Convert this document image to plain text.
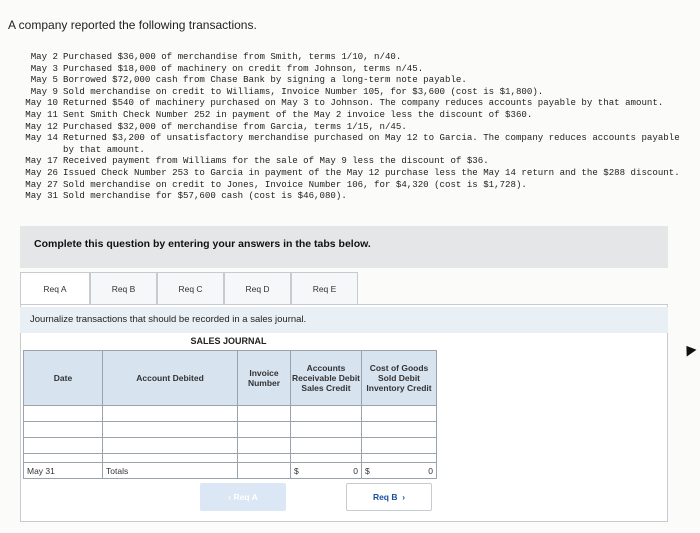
A company reported the following transactions.
May 2 Purchased $36,000 of merchandise from Smith, terms 1/10, n/40.
May 3 Purchased $18,000 of machinery on credit from Johnson, terms n/45.
May 5 Borrowed $72,000 cash from Chase Bank by signing a long-term note payable.
May 9 Sold merchandise on credit to Williams, Invoice Number 105, for $3,600 (cost is $1,800).
May 10 Returned $540 of machinery purchased on May 3 to Johnson. The company reduces accounts payable by that amount.
May 11 Sent Smith Check Number 252 in payment of the May 2 invoice less the discount of $360.
May 12 Purchased $32,000 of merchandise from Garcia, terms 1/15, n/45.
May 14 Returned $3,200 of unsatisfactory merchandise purchased on May 12 to Garcia. The company reduces accounts payable by that amount.
May 17 Received payment from Williams for the sale of May 9 less the discount of $36.
May 26 Issued Check Number 253 to Garcia in payment of the May 12 purchase less the May 14 return and the $288 discount.
May 27 Sold merchandise on credit to Jones, Invoice Number 106, for $4,320 (cost is $1,728).
May 31 Sold merchandise for $57,600 cash (cost is $46,080).
Complete this question by entering your answers in the tabs below.
Req A	Req B	Req C	Req D	Req E
Journalize transactions that should be recorded in a sales journal.
SALES JOURNAL
Date	Account Debited	Invoice Number	Accounts Receivable Debit Sales Credit	Cost of Goods Sold Debit Inventory Credit

May 31	Totals		$ 0	$ 0
‹ Req A	Req B ›
